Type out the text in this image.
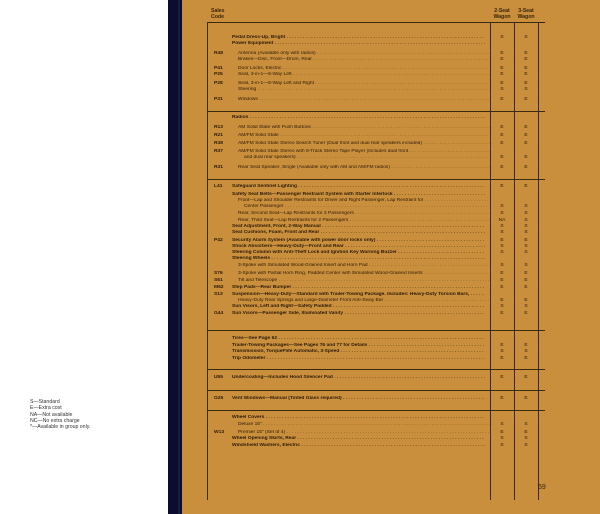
S—Standard
E—Extra cost
NA—Not available
NC—No extra charge
*—Available in group only.
Sales Code
2-Seat Wagon
3-Seat Wagon
Pedal Dress-Up, Bright . . .	S	S
Power Equipment . . .
R48	Antenna (Available only with radios) . . .	E	E
Brakes—Disc, Front—Drum, Rear . . .	E	E
P41	Door Locks, Electric . . .	E	E
P25	Seat, 3-in-1—6-Way Left . . .	E	E
P28	Seat, 3-in-1—6-Way Left and Right . . .	E	E
Steering . . .	S	S
P31	Windows . . .	E	E
Radios . . .
R13	AM Solid State with Push Buttons . . .	E	E
R21	AM/FM Solid State . . .	E	E
R38	AM/FM Solid State Stereo Search Tuner (Dual front and dual rear speakers included) . . .	E	E
R37	AM/FM Solid State Stereo with 8-Track Stereo Tape Player (Includes dual front . . .
and dual rear speakers) . . .	E	E
R31	Rear Seat Speaker, Single (Available only with AM and AM/FM radios) . . .	E	E
L41 Safeguard Sentinel Lighting . . .	E	E
Safety Seat Belts—Passenger Restraint System with Starter Interlock . . .
Front—Lap and Shoulder Restraints for Driver and Right Passenger, Lap Restraint for . . .
Center Passenger . . .	S	S
Rear, Second Seat—Lap Restraints for 3 Passengers . . .	S	S
Rear, Third Seat—Lap Restraints for 2 Passengers . . .	NA	S
Seat Adjustment, Front, 2-Way Manual . . .	S	S
Seat Cushions, Foam, Front and Rear . . .	S	S
P42 Security Alarm System (Available with power door locks only) . . .	E	E
Shock Absorbers—Heavy-Duty—Front and Rear . . .	S	S
Steering Column with Anti-Theft Lock and Ignition Key Warning Buzzer . . .	S	S
Steering Wheels . . .
3-Spoke with Simulated Wood-Grained Insert and Horn Pad . . .	S	S
S76	3-Spoke with Partial Horn Ring, Padded Center with Simulated Wood-Grained Inserts . . .	E	E
S61	Tilt and Telescope . . .	E	E
M62 Step Pads—Rear Bumper . . .	E	E
S13 Suspension—Heavy-Duty—Standard with Trailer-Towing Package. Includes: Heavy-Duty Torsion Bars, . . .
Heavy-Duty Rear Springs and Large-Diameter Front Anti-Sway Bar . . .	E	E
Sun Visors, Left and Right—Safety Padded . . .	S	S
G44 Sun Visors—Passenger Side, Illuminated Vanity . . .	E	E
Tires—See Page 62 . . .
Trailer-Towing Packages—See Pages 76 and 77 for Details . . .	E	E
Transmission, TorqueFlite Automatic, 3-Speed . . .	S	S
Trip Odometer . . .	E	E
U55 Undercoating—Includes Hood Silencer Pad . . .	E	E
G25 Vent Windows—Manual (Tinted Glass required) . . .	E	E
Wheel Covers . . .
Deluxe 15" . . .	S	S
W13	Premier 15" (Set of 4) . . .	E	E
Wheel Opening Skirts, Rear . . .	S	S
Windshield Washers, Electric . . .	S	S
69
